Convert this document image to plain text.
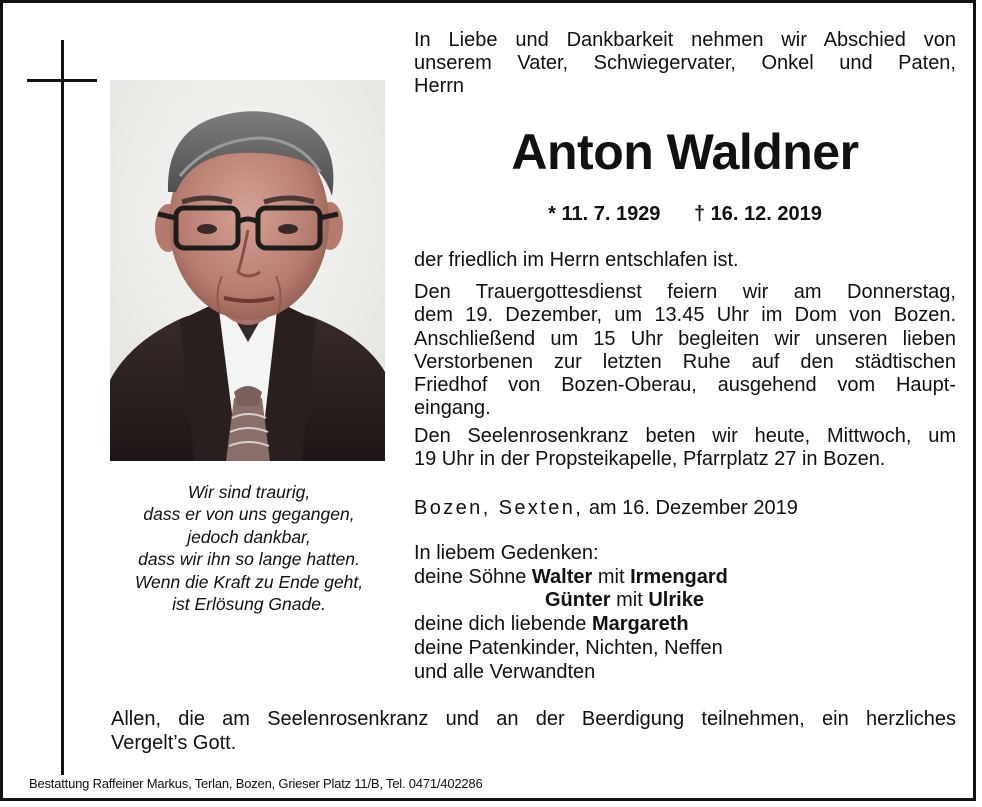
Wir sind traurig,
dass er von uns gegangen,
jedoch dankbar,
dass wir ihn so lange hatten.
Wenn die Kraft zu Ende geht,
ist Erlösung Gnade.
In Liebe und Dankbarkeit nehmen wir Abschied von
unserem Vater, Schwiegervater, Onkel und Paten,
Herrn
Anton Waldner
* 11. 7. 1929 † 16. 12. 2019
der friedlich im Herrn entschlafen ist.
Den Trauergottesdienst feiern wir am Donnerstag,
dem 19. Dezember, um 13.45 Uhr im Dom von Bozen.
Anschließend um 15 Uhr begleiten wir unseren lieben
Verstorbenen zur letzten Ruhe auf den städtischen
Friedhof von Bozen-Oberau, ausgehend vom Haupt-
eingang.
Den Seelenrosenkranz beten wir heute, Mittwoch, um
19 Uhr in der Propsteikapelle, Pfarrplatz 27 in Bozen.
Bozen, Sexten, am 16. Dezember 2019
In liebem Gedenken:
deine Söhne Walter mit Irmengard
Günter mit Ulrike
deine dich liebende Margareth
deine Patenkinder, Nichten, Neffen
und alle Verwandten
Allen, die am Seelenrosenkranz und an der Beerdigung teilnehmen, ein herzliches
Vergelt’s Gott.
Bestattung Raffeiner Markus, Terlan, Bozen, Grieser Platz 11/B, Tel. 0471/402286
